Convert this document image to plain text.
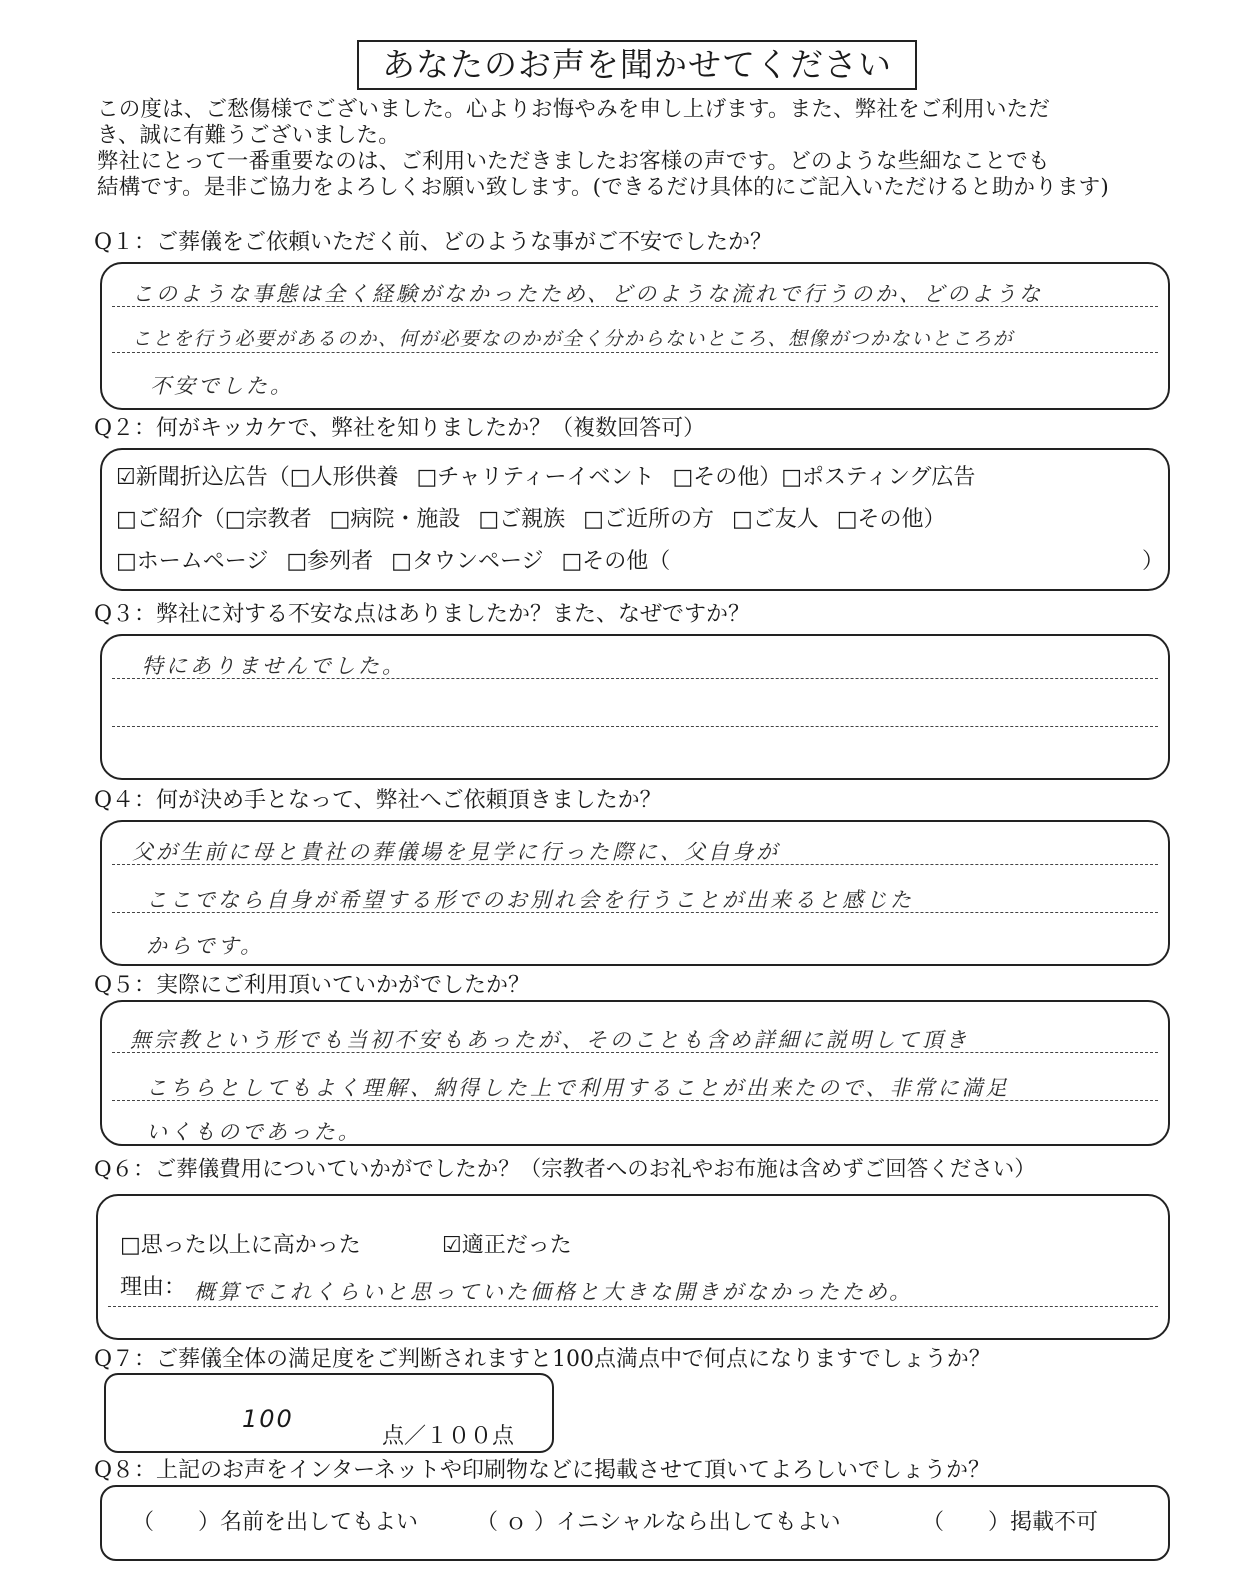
あなたのお声を聞かせてください

この度は、ご愁傷様でございました。心よりお悔やみを申し上げます。また、弊社をご利用いただ
き、誠に有難うございました。

弊社にとって一番重要なのは、ご利用いただきましたお客様の声です。どのような些細なことでも
結構です。是非ご協力をよろしくお願い致します。(できるだけ具体的にご記入いただけると助かります)

Q１：ご葬儀をご依頼いただく前、どのような事がご不安でしたか？
このような事態は全く経験がなかったため、どのような流れで行うのか、どのような
ことを行う必要があるのか、何が必要なのかが全く分からないところ、想像がつかないところが
不安でした。
Q２：何がキッカケで、弊社を知りましたか？（複数回答可）
☑新聞折込広告（□人形供養 □チャリティーイベント □その他）□ポスティング広告
□ご紹介（□宗教者 □病院・施設 □ご親族 □ご近所の方 □ご友人 □その他）
□ホームページ □参列者 □タウンページ □その他（	）
Q３：弊社に対する不安な点はありましたか？また、なぜですか？
特にありませんでした。
Q４：何が決め手となって、弊社へご依頼頂きましたか？
父が生前に母と貴社の葬儀場を見学に行った際に、父自身が
ここでなら自身が希望する形でのお別れ会を行うことが出来ると感じた
からです。
Q５：実際にご利用頂いていかがでしたか？
無宗教という形でも当初不安もあったが、そのことも含め詳細に説明して頂き
こちらとしてもよく理解、納得した上で利用することが出来たので、非常に満足
いくものであった。
Q６：ご葬儀費用についていかがでしたか？（宗教者へのお礼やお布施は含めずご回答ください）
□思った以上に高かった	☑適正だった
理由： 概算でこれくらいと思っていた価格と大きな開きがなかったため。
Q７：ご葬儀全体の満足度をご判断されますと100点満点中で何点になりますでしょうか？
100
点／１００点
Q８：上記のお声をインターネットや印刷物などに掲載させて頂いてよろしいでしょうか？
（　　）名前を出してもよい	（ ｏ ）イニシャルなら出してもよい	（　　）掲載不可
